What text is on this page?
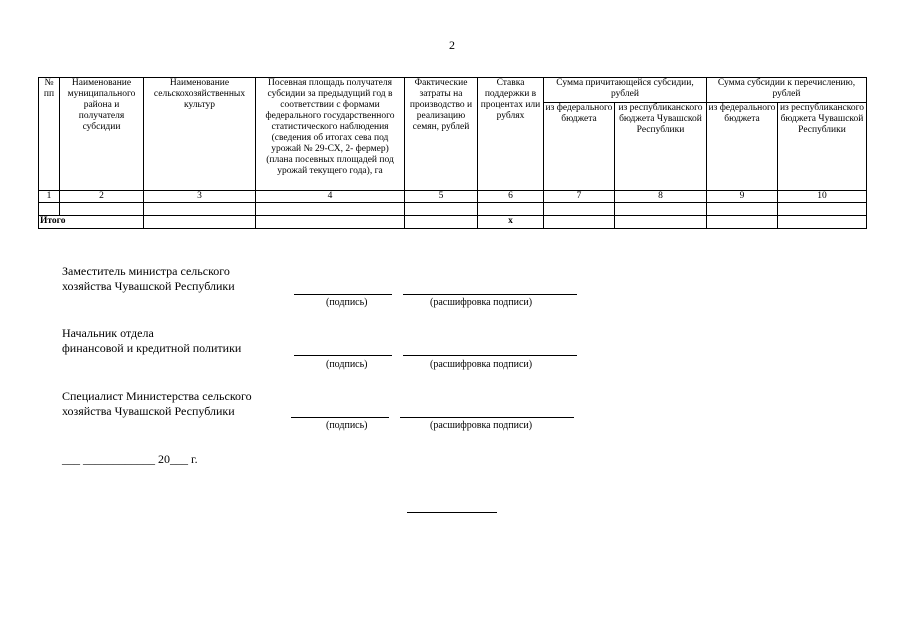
2
№ пп	Наименование муниципального района и получателя субсидии	Наименование сельскохозяйственных культур	Посевная площадь получателя субсидии за предыдущий год в соответствии с формами федерального государственного статистического наблюдения (сведения об итогах сева под урожай № 29-СХ, 2- фермер) (плана посевных площадей под урожай текущего года), га	Фактические затраты на производство и реализацию семян, рублей	Ставка поддержки в процентах или рублях	Сумма причитающейся субсидии, рублей		Сумма субсидии к перечислению, рублей	
						из федерального бюджета	из республиканского бюджета Чувашской Республики	из федерального бюджета	из республиканского бюджета Чувашской Республики
1	2	3	4	5	6	7	8	9	10

Итого					х				
Заместитель министра сельского
хозяйства Чувашской Республики
(подпись)	(расшифровка подписи)
Начальник отдела
финансовой и кредитной политики
(подпись)	(расшифровка подписи)
Специалист Министерства сельского
хозяйства Чувашской Республики
(подпись)	(расшифровка подписи)
___ ____________ 20___ г.
